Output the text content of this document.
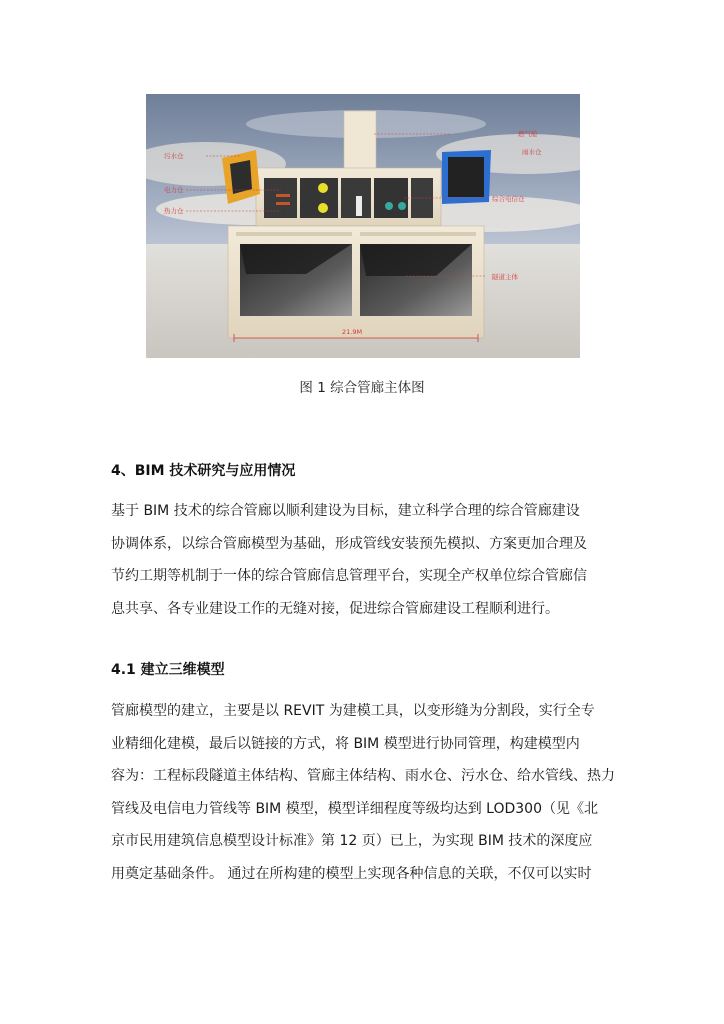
21.9M
燃气舱
雨水仓
污水仓
电力仓
热力仓
综合电信仓
隧道主体
图 1 综合管廊主体图
4、BIM 技术研究与应用情况
基于 BIM 技术的综合管廊以顺利建设为目标，建立科学合理的综合管廊建设
协调体系，以综合管廊模型为基础，形成管线安装预先模拟、方案更加合理及
节约工期等机制于一体的综合管廊信息管理平台，实现全产权单位综合管廊信
息共享、各专业建设工作的无缝对接，促进综合管廊建设工程顺利进行。
4.1 建立三维模型
管廊模型的建立，主要是以 REVIT 为建模工具，以变形缝为分割段，实行全专
业精细化建模，最后以链接的方式，将 BIM 模型进行协同管理，构建模型内
容为：工程标段隧道主体结构、管廊主体结构、雨水仓、污水仓、给水管线、热力
管线及电信电力管线等 BIM 模型，模型详细程度等级均达到 LOD300（见《北
京市民用建筑信息模型设计标准》第 12 页）已上，为实现 BIM 技术的深度应
用奠定基础条件。 通过在所构建的模型上实现各种信息的关联，不仅可以实时
